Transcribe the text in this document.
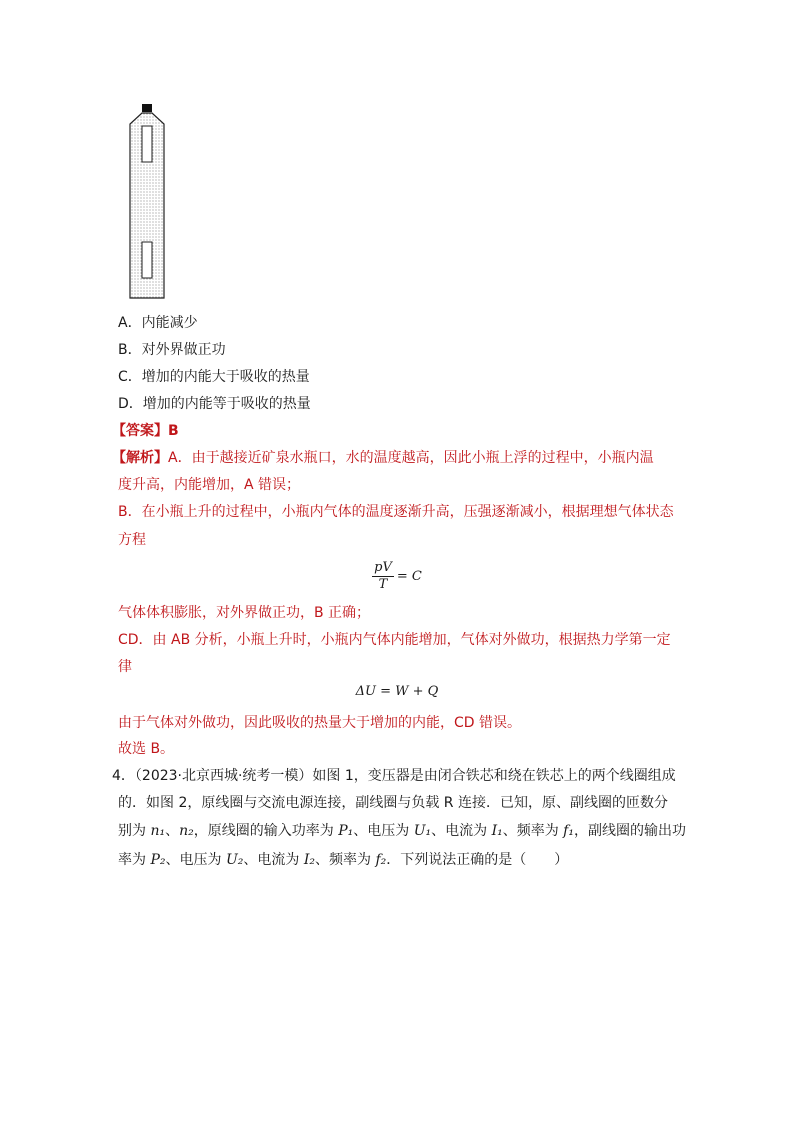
A．内能减少
B．对外界做正功
C．增加的内能大于吸收的热量
D．增加的内能等于吸收的热量
【答案】B
【解析】A．由于越接近矿泉水瓶口，水的温度越高，因此小瓶上浮的过程中，小瓶内温
度升高，内能增加，A 错误；
B．在小瓶上升的过程中，小瓶内气体的温度逐渐升高，压强逐渐减小，根据理想气体状态
方程
$\frac{pV}{T} = C$
气体体积膨胀，对外界做正功，B 正确；
CD．由 AB 分析，小瓶上升时，小瓶内气体内能增加，气体对外做功，根据热力学第一定
律
ΔU = W + Q
由于气体对外做功，因此吸收的热量大于增加的内能，CD 错误。
故选 B。
4．（2023·北京西城·统考一模）如图 1，变压器是由闭合铁芯和绕在铁芯上的两个线圈组成
的．如图 2，原线圈与交流电源连接，副线圈与负载 R 连接．已知，原、副线圈的匝数分
别为 n₁、n₂，原线圈的输入功率为 P₁、电压为 U₁、电流为 I₁、频率为 f₁，副线圈的输出功
率为 P₂、电压为 U₂、电流为 I₂、频率为 f₂．下列说法正确的是（　　）
